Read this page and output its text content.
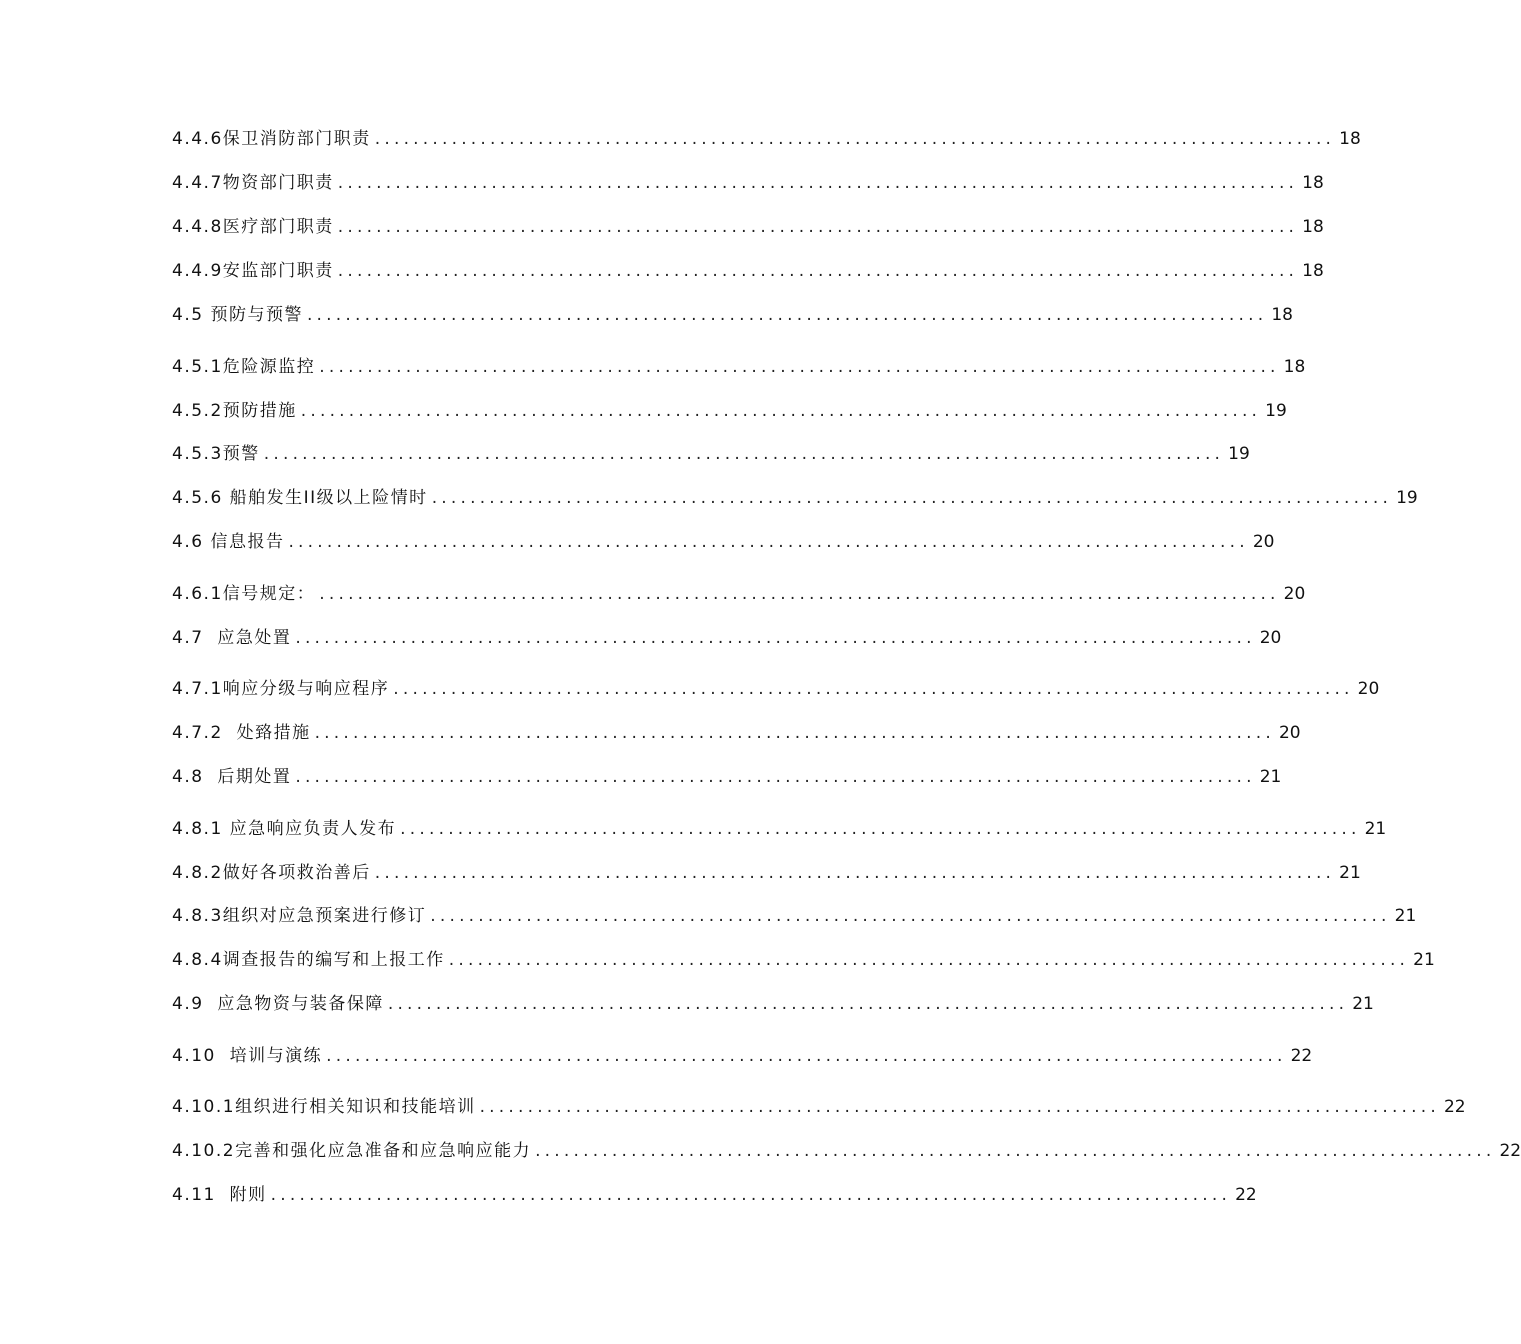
4.4.6保卫消防部门职责 .................................................................................................... 18
4.4.7物资部门职责 .................................................................................................... 18
4.4.8医疗部门职责 .................................................................................................... 18
4.4.9安监部门职责 .................................................................................................... 18
4.5 预防与预警 .................................................................................................... 18
4.5.1危险源监控 .................................................................................................... 18
4.5.2预防措施 .................................................................................................... 19
4.5.3预警 .................................................................................................... 19
4.5.6 船舶发生II级以上险情时 .................................................................................................... 19
4.6 信息报告 .................................................................................................... 20
4.6.1信号规定： .................................................................................................... 20
4.7  应急处置 .................................................................................................... 20
4.7.1响应分级与响应程序 .................................................................................................... 20
4.7.2  处臵措施 .................................................................................................... 20
4.8  后期处置 .................................................................................................... 21
4.8.1 应急响应负责人发布 .................................................................................................... 21
4.8.2做好各项救治善后 .................................................................................................... 21
4.8.3组织对应急预案进行修订 .................................................................................................... 21
4.8.4调查报告的编写和上报工作 .................................................................................................... 21
4.9  应急物资与装备保障 .................................................................................................... 21
4.10  培训与演练 .................................................................................................... 22
4.10.1组织进行相关知识和技能培训 .................................................................................................... 22
4.10.2完善和强化应急准备和应急响应能力 .................................................................................................... 22
4.11  附则 .................................................................................................... 22
